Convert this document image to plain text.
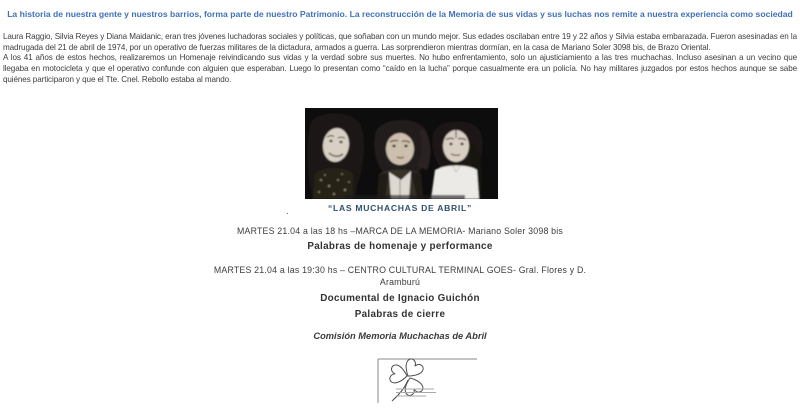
La historia de nuestra gente y nuestros barrios, forma parte de nuestro Patrimonio. La reconstrucción de la Memoria de sus vidas y sus luchas nos remite a nuestra experiencia como sociedad

Laura Raggio, Silvia Reyes y Diana Maidanic, eran tres jóvenes luchadoras sociales y políticas, que soñaban con un mundo mejor. Sus edades oscilaban entre 19 y 22 años y Silvia estaba embarazada. Fueron asesinadas en la madrugada del 21 de abril de 1974, por un operativo de fuerzas militares de la dictadura, armados a guerra. Las sorprendieron mientras dormían, en la casa de Mariano Soler 3098 bis, de Brazo Oriental.

A los 41 años de estos hechos, realizaremos un Homenaje reivindicando sus vidas y la verdad sobre sus muertes. No hubo enfrentamiento, solo un ajusticiamiento a las tres muchachas. Incluso asesinan a un vecino que llegaba en motocicleta y que el operativo confunde con alguien que esperaban. Luego lo presentan como “caído en la lucha” porque casualmente era un policía. No hay militares juzgados por estos hechos aunque se sabe quiénes participaron y que el Tte. Cnel. Rebollo estaba al mando.

“LAS MUCHACHAS DE ABRIL”
.
MARTES 21.04 a las 18 hs –MARCA DE LA MEMORIA- Mariano Soler 3098 bis
Palabras de homenaje y performance
MARTES 21.04 a las 19:30 hs – CENTRO CULTURAL TERMINAL GOES- Gral. Flores y D.
Aramburú
Documental de Ignacio Guichón
Palabras de cierre
Comisión Memoria Muchachas de Abril
